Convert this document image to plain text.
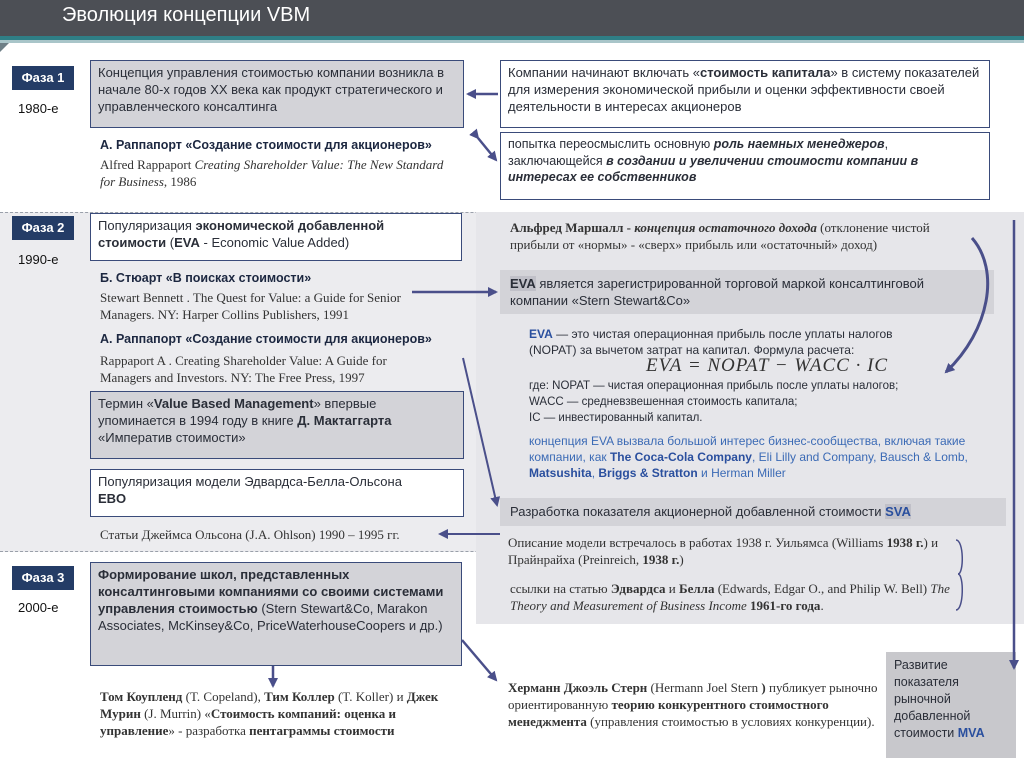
Эволюция концепции VBM
Фаза 1
1980-е
Концепция управления стоимостью компании возникла в начале 80-х годов XX века как продукт стратегического и управленческого консалтинга
А. Раппапорт «Создание стоимости для акционеров»
Alfred Rappaport Creating Shareholder Value: The New Standard for Business, 1986
Компании начинают включать «стоимость капитала» в систему показателей для измерения экономической прибыли и оценки эффективности своей деятельности в интересах акционеров
попытка переосмыслить основную роль наемных менеджеров, заключающейся в создании и увеличении стоимости компании в интересах ее собственников
Фаза 2
1990-е
Популяризация экономической добавленной стоимости (EVA - Economic Value Added)
Б. Стюарт «В поисках стоимости»
Stewart Bennett . The Quest for Value: a Guide for Senior Managers. NY: Harper Collins Publishers, 1991
А. Раппапорт «Создание стоимости для акционеров»
Rappaport A . Creating Shareholder Value: A Guide for Managers and Investors. NY: The Free Press, 1997
Термин «Value Based Management» впервые упоминается в 1994 году в книге Д. Мактаггарта «Императив стоимости»
Популяризация модели Эдвардса-Белла-Ольсона
EBO
Статьи Джеймса Ольсона (J.A. Ohlson) 1990 – 1995 гг.
Альфред Маршалл - концепция остаточного дохода (отклонение чистой прибыли от «нормы» - «сверх» прибыль или «остаточный» доход)
EVA является зарегистрированной торговой маркой консалтинговой компании «Stern Stewart&Co»
EVA — это чистая операционная прибыль после уплаты налогов (NOPAT) за вычетом затрат на капитал. Формула расчета:
EVA = NOPAT − WACC · IC
где: NOPAT — чистая операционная прибыль после уплаты налогов;
WACC — средневзвешенная стоимость капитала;
IC — инвестированный капитал.
концепция EVA вызвала большой интерес бизнес-сообщества, включая такие компании, как The Coca-Cola Company, Eli Lilly and Company, Bausch & Lomb, Matsushita, Briggs & Stratton и Herman Miller
Разработка показателя акционерной добавленной стоимости SVA
Описание модели встречалось в работах 1938 г. Уильямса (Williams 1938 г.) и Прайнрайха (Preinreich, 1938 г.)
ссылки на статью Эдвардса и Белла (Edwards, Edgar O., and Philip W. Bell) The Theory and Measurement of Business Income 1961-го года.
Фаза 3
2000-е
Формирование школ, представленных консалтинговыми компаниями со своими системами управления стоимостью (Stern Stewart&Co, Marakon Associates, McKinsey&Co, PriceWaterhouseCoopers и др.)
Том Коупленд (T. Copeland), Тим Коллер (T. Koller) и Джек Мурин (J. Murrin) «Стоимость компаний: оценка и управление» - разработка пентаграммы стоимости
Херманн Джоэль Стерн (Hermann Joel Stern ) публикует рыночно ориентированную теорию конкурентного стоимостного менеджмента (управления стоимостью в условиях конкуренции).
Развитие показателя рыночной добавленной стоимости MVA
